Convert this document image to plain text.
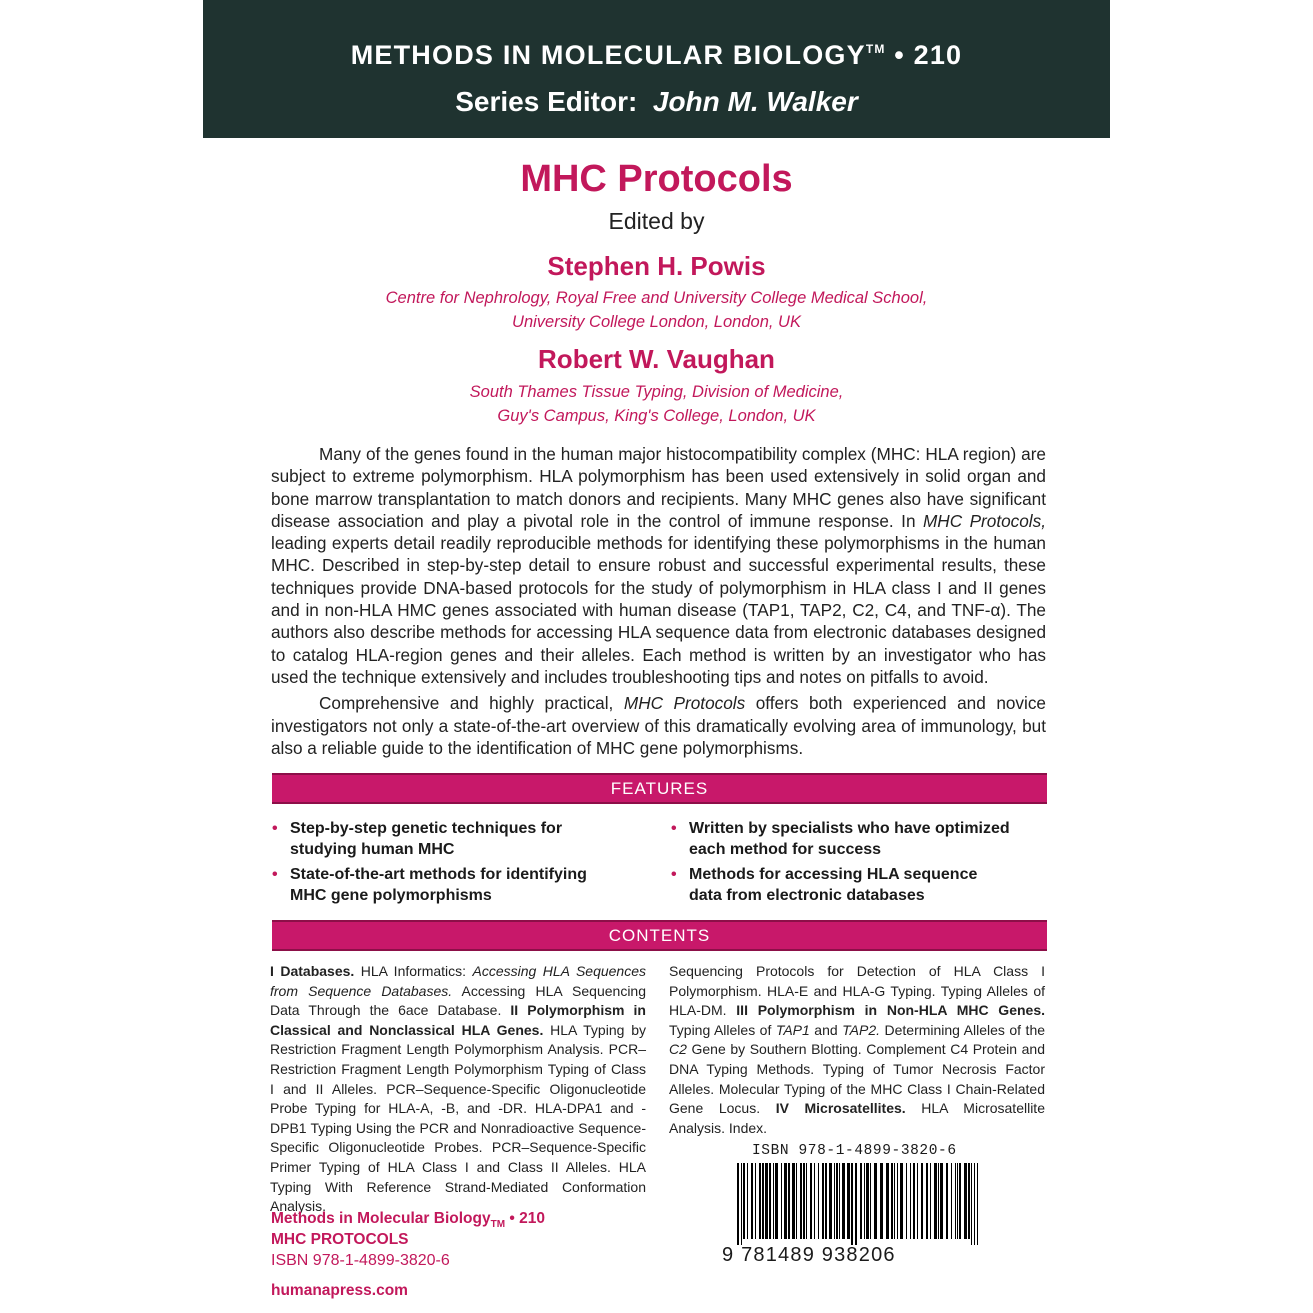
METHODS IN MOLECULAR BIOLOGY™ • 210
Series Editor: John M. Walker
MHC Protocols
Edited by
Stephen H. Powis
Centre for Nephrology, Royal Free and University College Medical School,
University College London, London, UK
Robert W. Vaughan
South Thames Tissue Typing, Division of Medicine,
Guy's Campus, King's College, London, UK

Many of the genes found in the human major histocompatibility complex (MHC: HLA region) are subject to extreme polymorphism. HLA polymorphism has been used extensively in solid organ and bone marrow transplantation to match donors and recipients. Many MHC genes also have significant disease association and play a pivotal role in the control of immune response. In MHC Protocols, leading experts detail readily reproducible methods for identifying these polymorphisms in the human MHC. Described in step-by-step detail to ensure robust and successful experimental results, these techniques provide DNA-based protocols for the study of polymorphism in HLA class I and II genes and in non-HLA HMC genes associated with human disease (TAP1, TAP2, C2, C4, and TNF-α). The authors also describe methods for accessing HLA sequence data from electronic databases designed to catalog HLA-region genes and their alleles. Each method is written by an investigator who has used the technique extensively and includes troubleshooting tips and notes on pitfalls to avoid.

Comprehensive and highly practical, MHC Protocols offers both experienced and novice investigators not only a state-of-the-art overview of this dramatically evolving area of immunology, but also a reliable guide to the identification of MHC gene polymorphisms.

FEATURES
• Step-by-step genetic techniques for studying human MHC
• State-of-the-art methods for identifying MHC gene polymorphisms
• Written by specialists who have optimized each method for success
• Methods for accessing HLA sequence data from electronic databases
CONTENTS
I Databases. HLA Informatics: Accessing HLA Sequences from Sequence Databases. Accessing HLA Sequencing Data Through the 6ace Database. II Polymorphism in Classical and Nonclassical HLA Genes. HLA Typing by Restriction Fragment Length Polymorphism Analysis. PCR–Restriction Fragment Length Polymorphism Typing of Class I and II Alleles. PCR–Sequence-Specific Oligonucleotide Probe Typing for HLA-A, -B, and -DR. HLA-DPA1 and -DPB1 Typing Using the PCR and Nonradioactive Sequence-Specific Oligonucleotide Probes. PCR–Sequence-Specific Primer Typing of HLA Class I and Class II Alleles. HLA Typing With Reference Strand-Mediated Conformation Analysis.
Sequencing Protocols for Detection of HLA Class I Polymorphism. HLA-E and HLA-G Typing. Typing Alleles of HLA-DM. III Polymorphism in Non-HLA MHC Genes. Typing Alleles of TAP1 and TAP2. Determining Alleles of the C2 Gene by Southern Blotting. Complement C4 Protein and DNA Typing Methods. Typing of Tumor Necrosis Factor Alleles. Molecular Typing of the MHC Class I Chain-Related Gene Locus. IV Microsatellites. HLA Microsatellite Analysis. Index.
ISBN 978-1-4899-3820-6
9 781489 938206
Methods in Molecular Biology$_{TM}$ • 210
MHC PROTOCOLS
ISBN 978-1-4899-3820-6
humanapress.com
